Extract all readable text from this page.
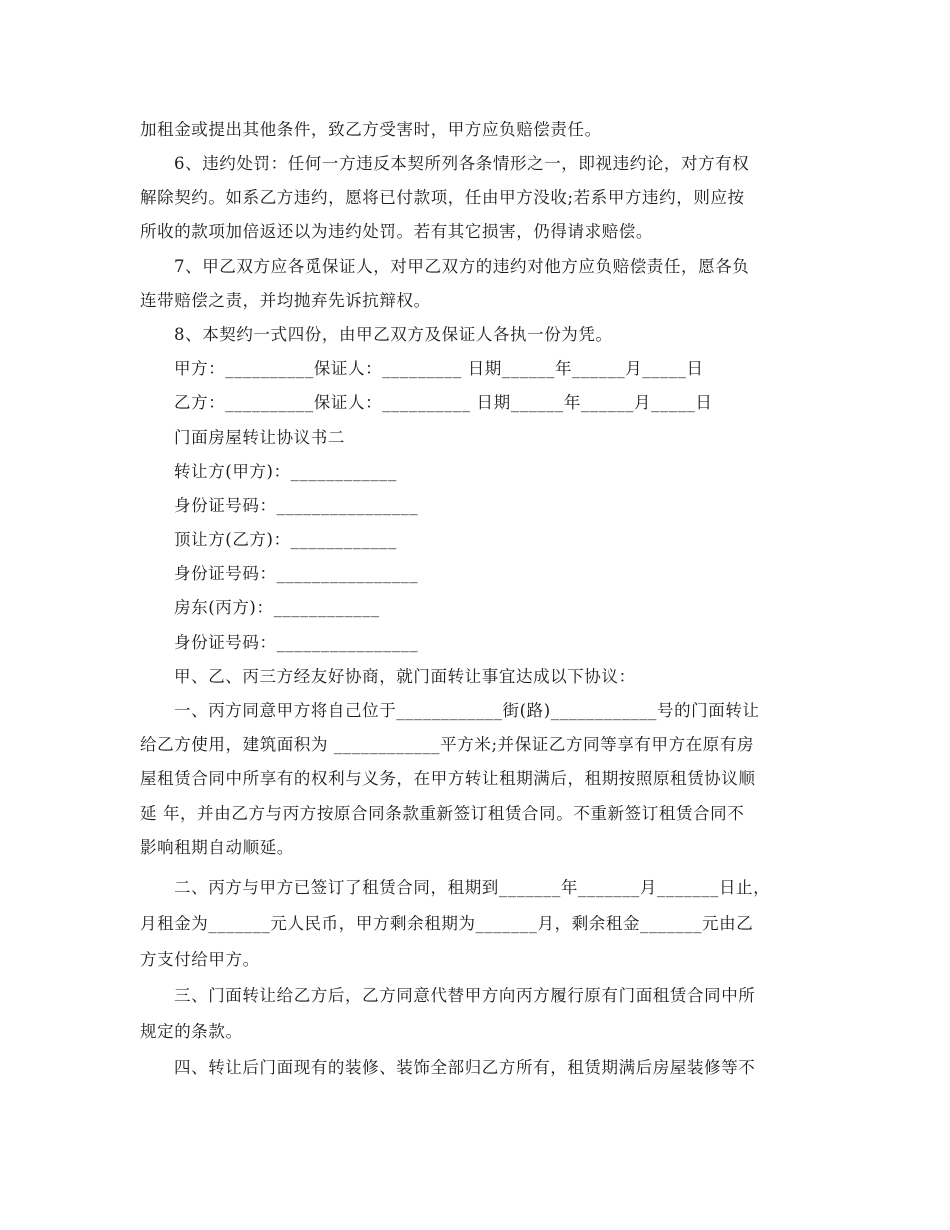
加租金或提出其他条件，致乙方受害时，甲方应负赔偿责任。
6、违约处罚：任何一方违反本契所列各条情形之一，即视违约论，对方有权
解除契约。如系乙方违约，愿将已付款项，任由甲方没收;若系甲方违约，则应按
所收的款项加倍返还以为违约处罚。若有其它损害，仍得请求赔偿。
7、甲乙双方应各觅保证人，对甲乙双方的违约对他方应负赔偿责任，愿各负
连带赔偿之责，并均抛弃先诉抗辩权。
8、本契约一式四份，由甲乙双方及保证人各执一份为凭。
甲方：__________保证人：_________ 日期______年______月_____日
乙方：__________保证人：__________ 日期______年______月_____日
门面房屋转让协议书二
转让方(甲方)：____________
身份证号码：________________
顶让方(乙方)：____________
身份证号码：________________
房东(丙方)：____________
身份证号码：________________
甲、乙、丙三方经友好协商，就门面转让事宜达成以下协议：
一、丙方同意甲方将自己位于____________街(路)____________号的门面转让
给乙方使用，建筑面积为 ____________平方米;并保证乙方同等享有甲方在原有房
屋租赁合同中所享有的权利与义务，在甲方转让租期满后，租期按照原租赁协议顺
延 年，并由乙方与丙方按原合同条款重新签订租赁合同。不重新签订租赁合同不
影响租期自动顺延。
二、丙方与甲方已签订了租赁合同，租期到_______年_______月_______日止，
月租金为_______元人民币，甲方剩余租期为_______月，剩余租金_______元由乙
方支付给甲方。
三、门面转让给乙方后，乙方同意代替甲方向丙方履行原有门面租赁合同中所
规定的条款。
四、转让后门面现有的装修、装饰全部归乙方所有，租赁期满后房屋装修等不
